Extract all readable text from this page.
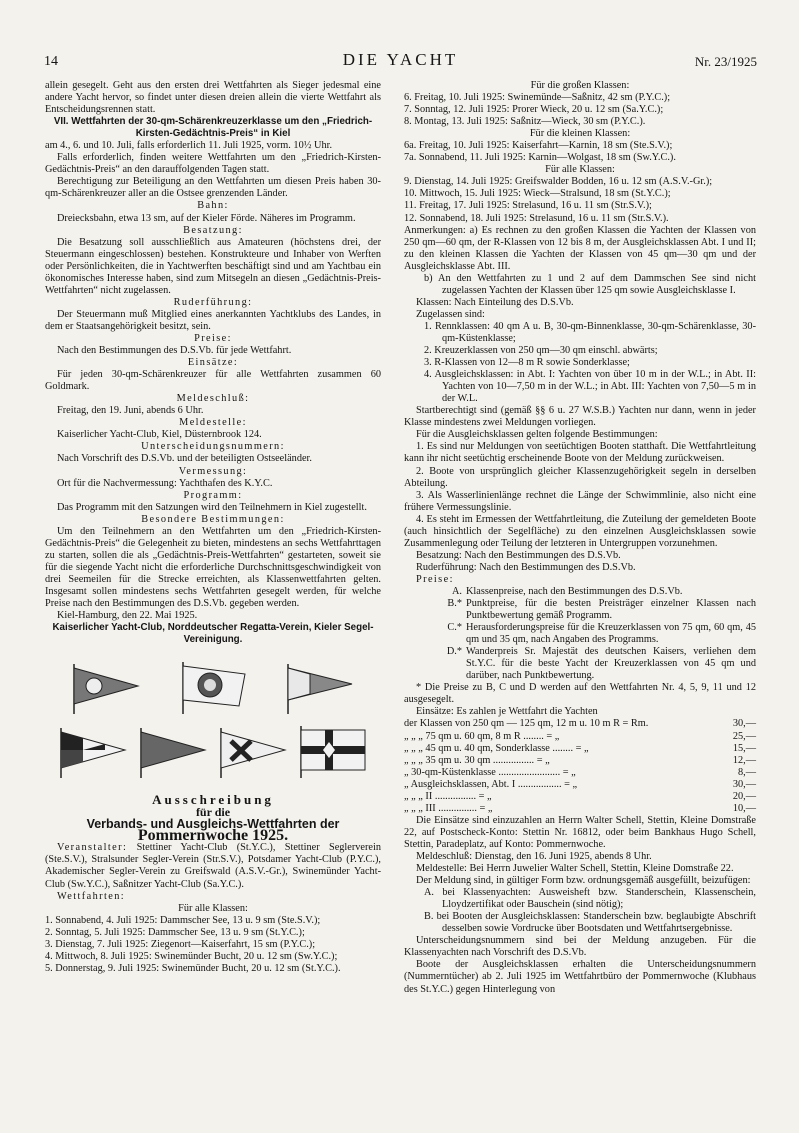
14	DIE YACHT	Nr. 23/1925

allein gesegelt. Geht aus den ersten drei Wettfahrten als Sieger jedesmal eine andere Yacht hervor, so findet unter diesen dreien allein die vierte Wettfahrt als Entscheidungsrennen statt.

VII. Wettfahrten der 30-qm-Schärenkreuzerklasse um den „Friedrich-Kirsten-Gedächtnis-Preis“ in Kiel

am 4., 6. und 10. Juli, falls erforderlich 11. Juli 1925, vorm. 10½ Uhr.

Falls erforderlich, finden weitere Wettfahrten um den „Friedrich-Kirsten-Gedächtnis-Preis“ an den darauffolgenden Tagen statt.

Berechtigung zur Beteiligung an den Wettfahrten um diesen Preis haben 30-qm-Schärenkreuzer aller an die Ostsee grenzenden Länder.

Bahn:

Dreiecksbahn, etwa 13 sm, auf der Kieler Förde. Näheres im Programm.

Besatzung:

Die Besatzung soll ausschließlich aus Amateuren (höchstens drei, der Steuermann eingeschlossen) bestehen. Konstrukteure und Inhaber von Werften oder Persönlichkeiten, die in Yachtwerften beschäftigt sind und am Yachtbau ein ökonomisches Interesse haben, sind zum Mitsegeln an diesen „Gedächtnis-Preis-Wettfahrten“ nicht zugelassen.

Ruderführung:

Der Steuermann muß Mitglied eines anerkannten Yachtklubs des Landes, in dem er Staatsangehörigkeit besitzt, sein.

Preise:

Nach den Bestimmungen des D.S.Vb. für jede Wettfahrt.

Einsätze:

Für jeden 30-qm-Schärenkreuzer für alle Wettfahrten zusammen 60 Goldmark.

Meldeschluß:

Freitag, den 19. Juni, abends 6 Uhr.

Meldestelle:

Kaiserlicher Yacht-Club, Kiel, Düsternbrook 124.

Unterscheidungsnummern:

Nach Vorschrift des D.S.Vb. und der beteiligten Ostseeländer.

Vermessung:

Ort für die Nachvermessung: Yachthafen des K.Y.C.

Programm:

Das Programm mit den Satzungen wird den Teilnehmern in Kiel zugestellt.

Besondere Bestimmungen:

Um den Teilnehmern an den Wettfahrten um den „Friedrich-Kirsten-Gedächtnis-Preis“ die Gelegenheit zu bieten, mindestens an sechs Wettfahrttagen zu starten, sollen die als „Gedächtnis-Preis-Wettfahrten“ gestarteten, soweit sie für die siegende Yacht nicht die erforderliche Durchschnittsgeschwindigkeit von drei Seemeilen für die Strecke erreichten, als Klassenwettfahrten gelten. Insgesamt sollen mindestens sechs Wettfahrten gesegelt werden, für welche Preise nach den Bestimmungen des D.S.Vb. gegeben werden.

Kiel-Hamburg, den 22. Mai 1925.

Kaiserlicher Yacht-Club, Norddeutscher Regatta-Verein, Kieler Segel-Vereinigung.

Ausschreibung

für die

Verbands- und Ausgleichs-Wettfahrten der

Pommernwoche 1925.

Veranstalter: Stettiner Yacht-Club (St.Y.C.), Stettiner Seglerverein (Ste.S.V.), Stralsunder Segler-Verein (Str.S.V.), Potsdamer Yacht-Club (P.Y.C.), Akademischer Segler-Verein zu Greifswald (A.S.V.-Gr.), Swinemünder Yacht-Club (Sw.Y.C.), Saßnitzer Yacht-Club (Sa.Y.C.).

Wettfahrten:

Für alle Klassen:

1. Sonnabend, 4. Juli 1925: Dammscher See, 13 u. 9 sm (Ste.S.V.);

2. Sonntag, 5. Juli 1925: Dammscher See, 13 u. 9 sm (St.Y.C.);

3. Dienstag, 7. Juli 1925: Ziegenort—Kaiserfahrt, 15 sm (P.Y.C.);

4. Mittwoch, 8. Juli 1925: Swinemünder Bucht, 20 u. 12 sm (Sw.Y.C.);

5. Donnerstag, 9. Juli 1925: Swinemünder Bucht, 20 u. 12 sm (St.Y.C.).

Für die großen Klassen:

6. Freitag, 10. Juli 1925: Swinemünde—Saßnitz, 42 sm (P.Y.C.);

7. Sonntag, 12. Juli 1925: Prorer Wieck, 20 u. 12 sm (Sa.Y.C.);

8. Montag, 13. Juli 1925: Saßnitz—Wieck, 30 sm (P.Y.C.).

Für die kleinen Klassen:

6a. Freitag, 10. Juli 1925: Kaiserfahrt—Karnin, 18 sm (Ste.S.V.);

7a. Sonnabend, 11. Juli 1925: Karnin—Wolgast, 18 sm (Sw.Y.C.).

Für alle Klassen:

9. Dienstag, 14. Juli 1925: Greifswalder Bodden, 16 u. 12 sm (A.S.V.-Gr.);

10. Mittwoch, 15. Juli 1925: Wieck—Stralsund, 18 sm (St.Y.C.);

11. Freitag, 17. Juli 1925: Strelasund, 16 u. 11 sm (Str.S.V.);

12. Sonnabend, 18. Juli 1925: Strelasund, 16 u. 11 sm (Str.S.V.).

Anmerkungen: a) Es rechnen zu den großen Klassen die Yachten der Klassen von 250 qm—60 qm, der R-Klassen von 12 bis 8 m, der Ausgleichsklassen Abt. I und II; zu den kleinen Klassen die Yachten der Klassen von 45 qm—30 qm und der Ausgleichsklasse Abt. III.

b) An den Wettfahrten zu 1 und 2 auf dem Dammschen See sind nicht zugelassen Yachten der Klassen über 125 qm sowie Ausgleichsklasse I.

Klassen: Nach Einteilung des D.S.Vb.

Zugelassen sind:

1. Rennklassen: 40 qm A u. B, 30-qm-Binnenklasse, 30-qm-Schärenklasse, 30-qm-Küstenklasse;

2. Kreuzerklassen von 250 qm—30 qm einschl. abwärts;

3. R-Klassen von 12—8 m R sowie Sonderklasse;

4. Ausgleichsklassen: in Abt. I: Yachten von über 10 m in der W.L.; in Abt. II: Yachten von 10—7,50 m in der W.L.; in Abt. III: Yachten von 7,50—5 m in der W.L.

Startberechtigt sind (gemäß §§ 6 u. 27 W.S.B.) Yachten nur dann, wenn in jeder Klasse mindestens zwei Meldungen vorliegen.

Für die Ausgleichsklassen gelten folgende Bestimmungen:

1. Es sind nur Meldungen von seetüchtigen Booten statthaft. Die Wettfahrtleitung kann ihr nicht seetüchtig erscheinende Boote von der Meldung zurückweisen.

2. Boote von ursprünglich gleicher Klassenzugehörigkeit segeln in derselben Abteilung.

3. Als Wasserlinienlänge rechnet die Länge der Schwimmlinie, also nicht eine frühere Vermessungslinie.

4. Es steht im Ermessen der Wettfahrtleitung, die Zuteilung der gemeldeten Boote (auch hinsichtlich der Segelfläche) zu den einzelnen Ausgleichsklassen sowie Zusammenlegung oder Teilung der letzteren in Untergruppen vorzunehmen.

Besatzung: Nach den Bestimmungen des D.S.Vb.

Ruderführung: Nach den Bestimmungen des D.S.Vb.

Preise:

A. Klassenpreise, nach den Bestimmungen des D.S.Vb.
B.* Punktpreise, für die besten Preisträger einzelner Klassen nach Punktbewertung gemäß Programm.
C.* Herausforderungspreise für die Kreuzerklassen von 75 qm, 60 qm, 45 qm und 35 qm, nach Angaben des Programms.
D.* Wanderpreis Sr. Majestät des deutschen Kaisers, verliehen dem St.Y.C. für die beste Yacht der Kreuzerklassen von 45 qm und darüber, nach Punktbewertung.

* Die Preise zu B, C und D werden auf den Wettfahrten Nr. 4, 5, 9, 11 und 12 ausgesegelt.

Einsätze: Es zahlen je Wettfahrt die Yachten

der Klassen von 250 qm — 125 qm, 12 m u. 10 m R = Rm.	30,—
„ „ „ 75 qm u. 60 qm, 8 m R ........ = „	25,—
„ „ „ 45 qm u. 40 qm, Sonderklasse ........ = „	15,—
„ „ „ 35 qm u. 30 qm ................ = „	12,—
„ 30-qm-Küstenklasse ........................ = „	8,—
„ Ausgleichsklassen, Abt. I ................. = „	30,—
„ „ „ II ................ = „	20,—
„ „ „ III ............... = „	10,—

Die Einsätze sind einzuzahlen an Herrn Walter Schell, Stettin, Kleine Domstraße 22, auf Postscheck-Konto: Stettin Nr. 16812, oder beim Bankhaus Hugo Schell, Stettin, Paradeplatz, auf Konto: Pommernwoche.

Meldeschluß: Dienstag, den 16. Juni 1925, abends 8 Uhr.

Meldestelle: Bei Herrn Juwelier Walter Schell, Stettin, Kleine Domstraße 22.

Der Meldung sind, in gültiger Form bzw. ordnungsgemäß ausgefüllt, beizufügen:

A. bei Klassenyachten: Ausweisheft bzw. Standerschein, Klassenschein, Lloydzertifikat oder Bauschein (sind nötig);

B. bei Booten der Ausgleichsklassen: Standerschein bzw. beglaubigte Abschrift desselben sowie Vordrucke über Bootsdaten und Wettfahrtsergebnisse.

Unterscheidungsnummern sind bei der Meldung anzugeben. Für die Klassenyachten nach Vorschrift des D.S.Vb.

Boote der Ausgleichsklassen erhalten die Unterscheidungsnummern (Nummerntücher) ab 2. Juli 1925 im Wettfahrtbüro der Pommernwoche (Klubhaus des St.Y.C.) gegen Hinterlegung von
